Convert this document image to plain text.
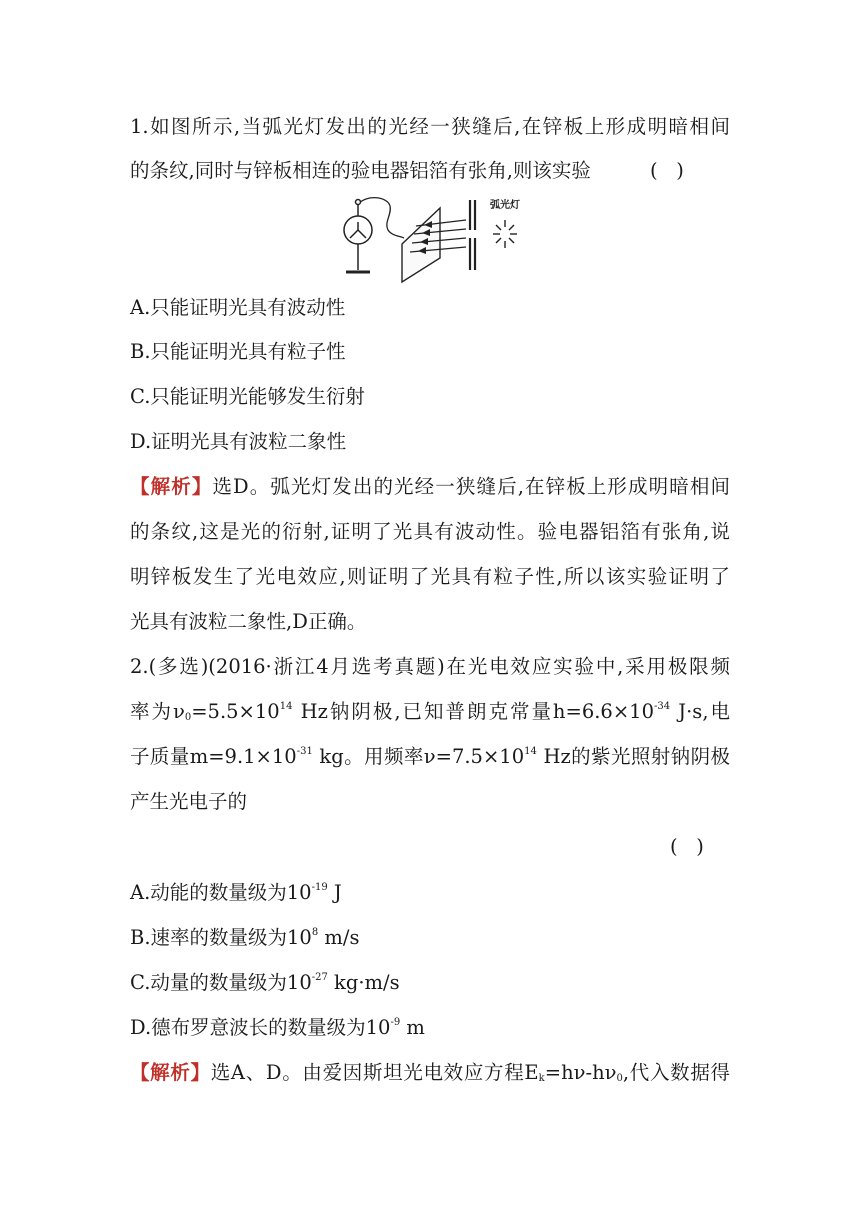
1.如图所示,当弧光灯发出的光经一狭缝后,在锌板上形成明暗相间
的条纹,同时与锌板相连的验电器铝箔有张角,则该实验	(   )
弧光灯
A.只能证明光具有波动性
B.只能证明光具有粒子性
C.只能证明光能够发生衍射
D.证明光具有波粒二象性
【解析】选D。弧光灯发出的光经一狭缝后,在锌板上形成明暗相间
的条纹,这是光的衍射,证明了光具有波动性。验电器铝箔有张角,说
明锌板发生了光电效应,则证明了光具有粒子性,所以该实验证明了
光具有波粒二象性,D正确。
2.(多选)(2016·浙江4月选考真题)在光电效应实验中,采用极限频
率为$\nu_0=5.5\times 10^{14}$ Hz钠阴极,已知普朗克常量$h=6.6\times 10^{-34}$ J·s,电
子质量$m=9.1\times 10^{-31}$ kg。用频率$\nu=7.5\times 10^{14}$ Hz的紫光照射钠阴极
产生光电子的
(   )
A.动能的数量级为$10^{-19}$ J
B.速率的数量级为$10^8$ m/s
C.动量的数量级为$10^{-27}$ kg·m/s
D.德布罗意波长的数量级为$10^{-9}$ m
【解析】选A、D。由爱因斯坦光电效应方程$E_k=h\nu-h\nu_0$,代入数据得
